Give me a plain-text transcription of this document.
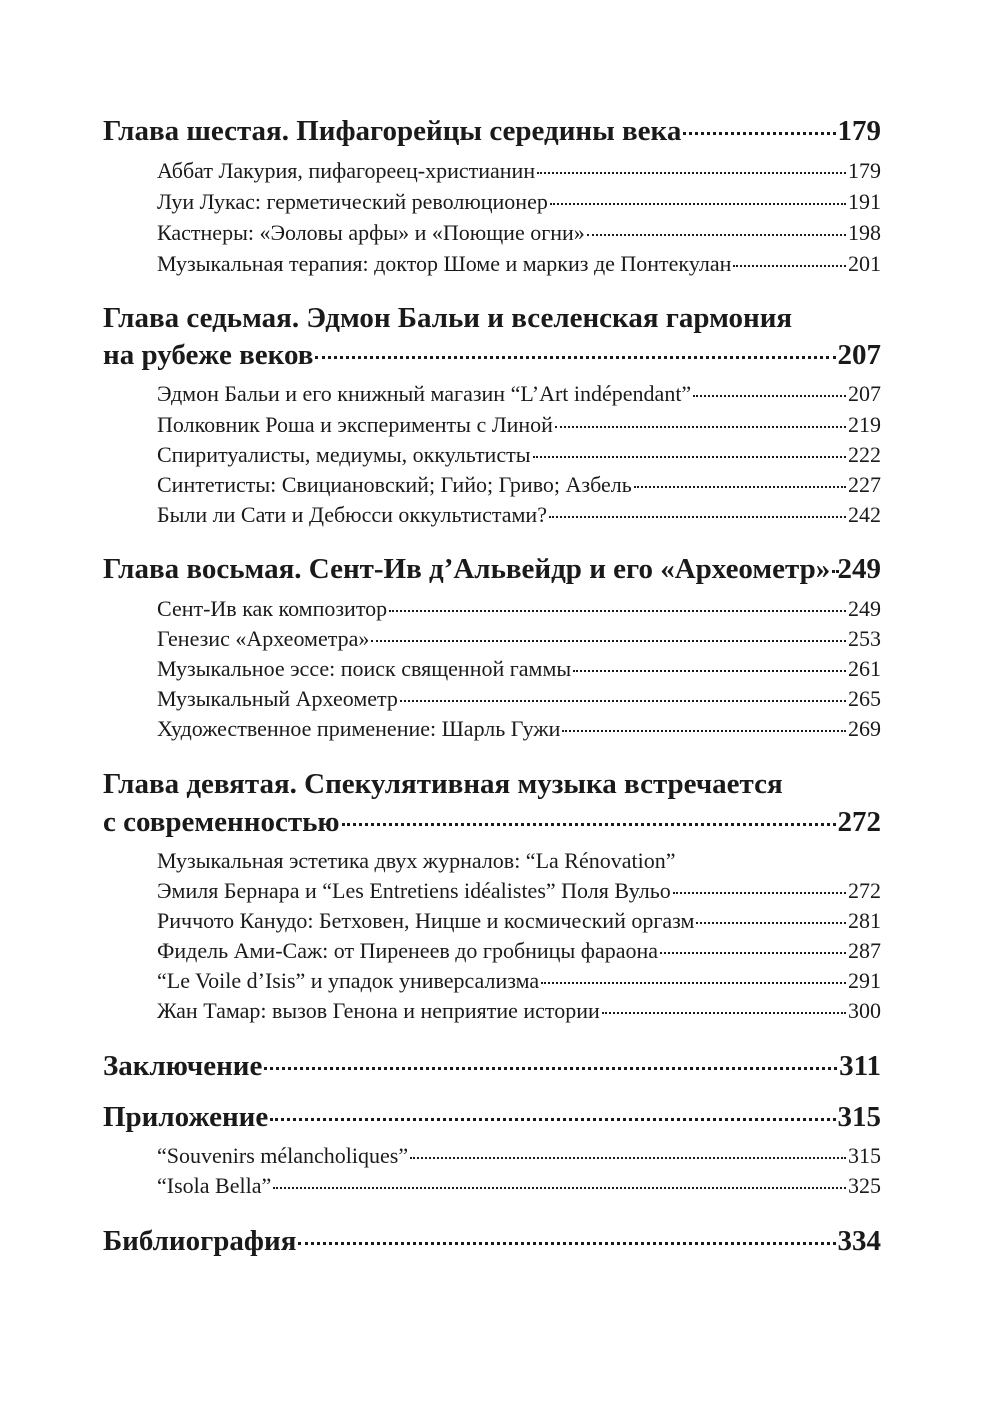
Глава шестая. Пифагорейцы середины века	179
Аббат Лакурия, пифагореец-христианин	179
Луи Лукас: герметический революционер	191
Кастнеры: «Эоловы арфы» и «Поющие огни»	198
Музыкальная терапия: доктор Шоме и маркиз де Понтекулан	201
Глава седьмая. Эдмон Бальи и вселенская гармония
на рубеже веков	207
Эдмон Бальи и его книжный магазин “L’Art indépendant”	207
Полковник Роша и эксперименты с Линой	219
Спиритуалисты, медиумы, оккультисты	222
Синтетисты: Свициановский; Гийо; Гриво; Азбель	227
Были ли Сати и Дебюсси оккультистами?	242
Глава восьмая. Сент-Ив д’Альвейдр и его «Археометр» 249
Сент-Ив как композитор	249
Генезис «Археометра»	253
Музыкальное эссе: поиск священной гаммы	261
Музыкальный Археометр	265
Художественное применение: Шарль Гужи	269
Глава девятая. Спекулятивная музыка встречается
с современностью	272
Музыкальная эстетика двух журналов: “La Rénovation”
Эмиля Бернара и “Les Entretiens idéalistes” Поля Вульо	272
Риччото Канудо: Бетховен, Ницше и космический оргазм	281
Фидель Ами-Саж: от Пиренеев до гробницы фараона	287
“Le Voile d’Isis” и упадок универсализма	291
Жан Тамар: вызов Генона и неприятие истории	300
Заключение	311
Приложение	315
“Souvenirs mélancholiques”	315
“Isola Bella”	325
Библиография	334
